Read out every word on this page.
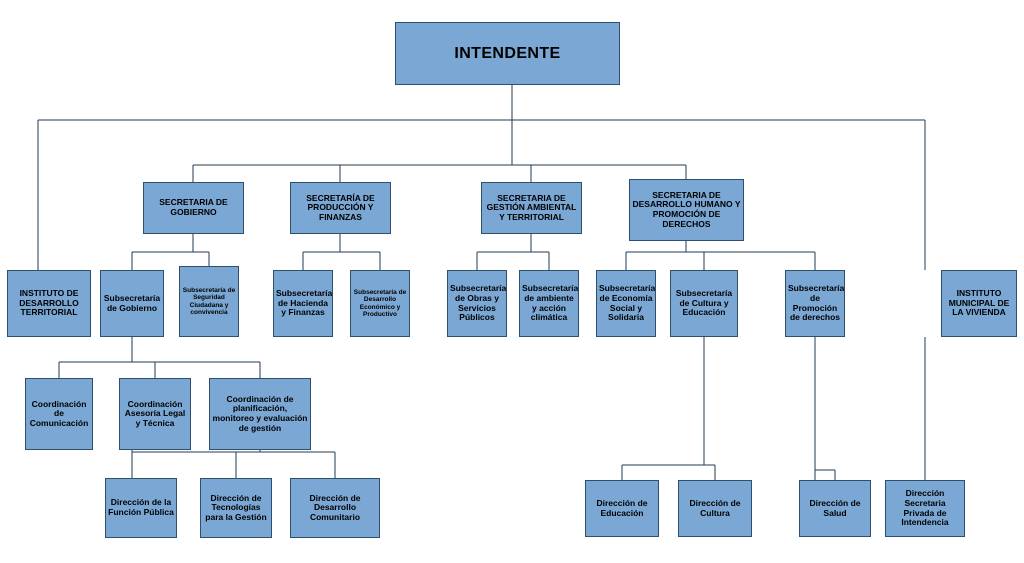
INTENDENTE
INSTITUTO DE DESARROLLO TERRITORIAL
INSTITUTO MUNICIPAL DE LA VIVIENDA
SECRETARIA DE GOBIERNO
SECRETARÍA DE PRODUCCIÓN Y FINANZAS
SECRETARIA DE GESTIÓN AMBIENTAL Y TERRITORIAL
SECRETARIA DE DESARROLLO HUMANO Y PROMOCIÓN DE DERECHOS
Subsecretaría de Gobierno
Subsecretaría de Seguridad Ciudadana y convivencia
Subsecretaría de Hacienda y Finanzas
Subsecretaría de Desarrollo Económico y Productivo
Subsecretaría de Obras y Servicios Públicos
Subsecretaría de ambiente y acción climática
Subsecretaría de Economía Social y Solidaria
Subsecretaría de Cultura y Educación
Subsecretaría de Promoción de derechos
Coordinación de Comunicación
Coordinación Asesoría Legal y Técnica
Coordinación de planificación, monitoreo y evaluación de gestión
Dirección de la Función Pública
Dirección de Tecnologías para la Gestión
Dirección de Desarrollo Comunitario
Dirección de Educación
Dirección de Cultura
Dirección de Salud
Dirección Secretaria Privada de Intendencia
